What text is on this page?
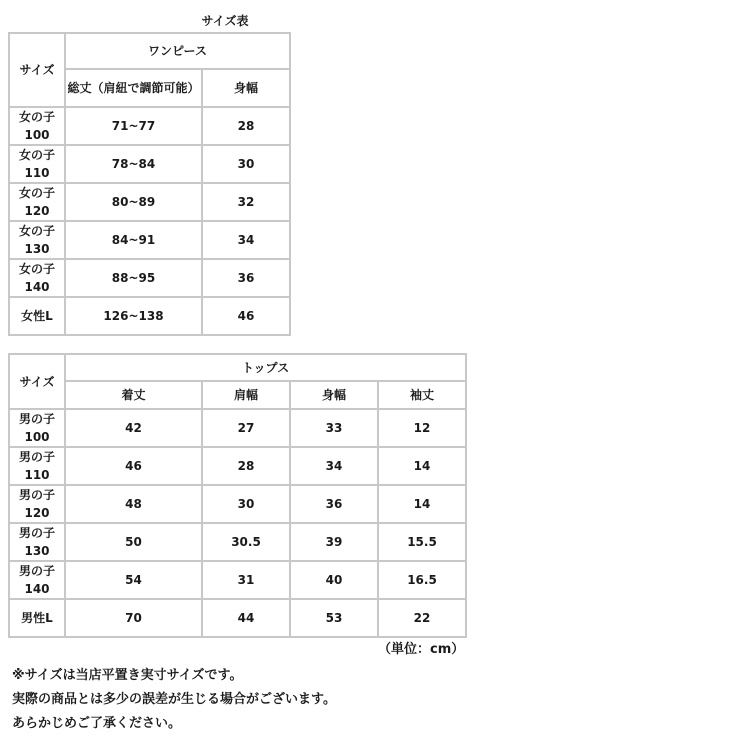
サイズ表
サイズ	ワンピース	
	総丈（肩紐で調節可能）	身幅
女の子
100	71~77	28
女の子
110	78~84	30
女の子
120	80~89	32
女の子
130	84~91	34
女の子
140	88~95	36
女性L	126~138	46
サイズ	トップス			
	着丈	肩幅	身幅	袖丈
男の子
100	42	27	33	12
男の子
110	46	28	34	14
男の子
120	48	30	36	14
男の子
130	50	30.5	39	15.5
男の子
140	54	31	40	16.5
男性L	70	44	53	22
（単位：cm）
※サイズは当店平置き実寸サイズです。
実際の商品とは多少の誤差が生じる場合がございます。
あらかじめご了承ください。
